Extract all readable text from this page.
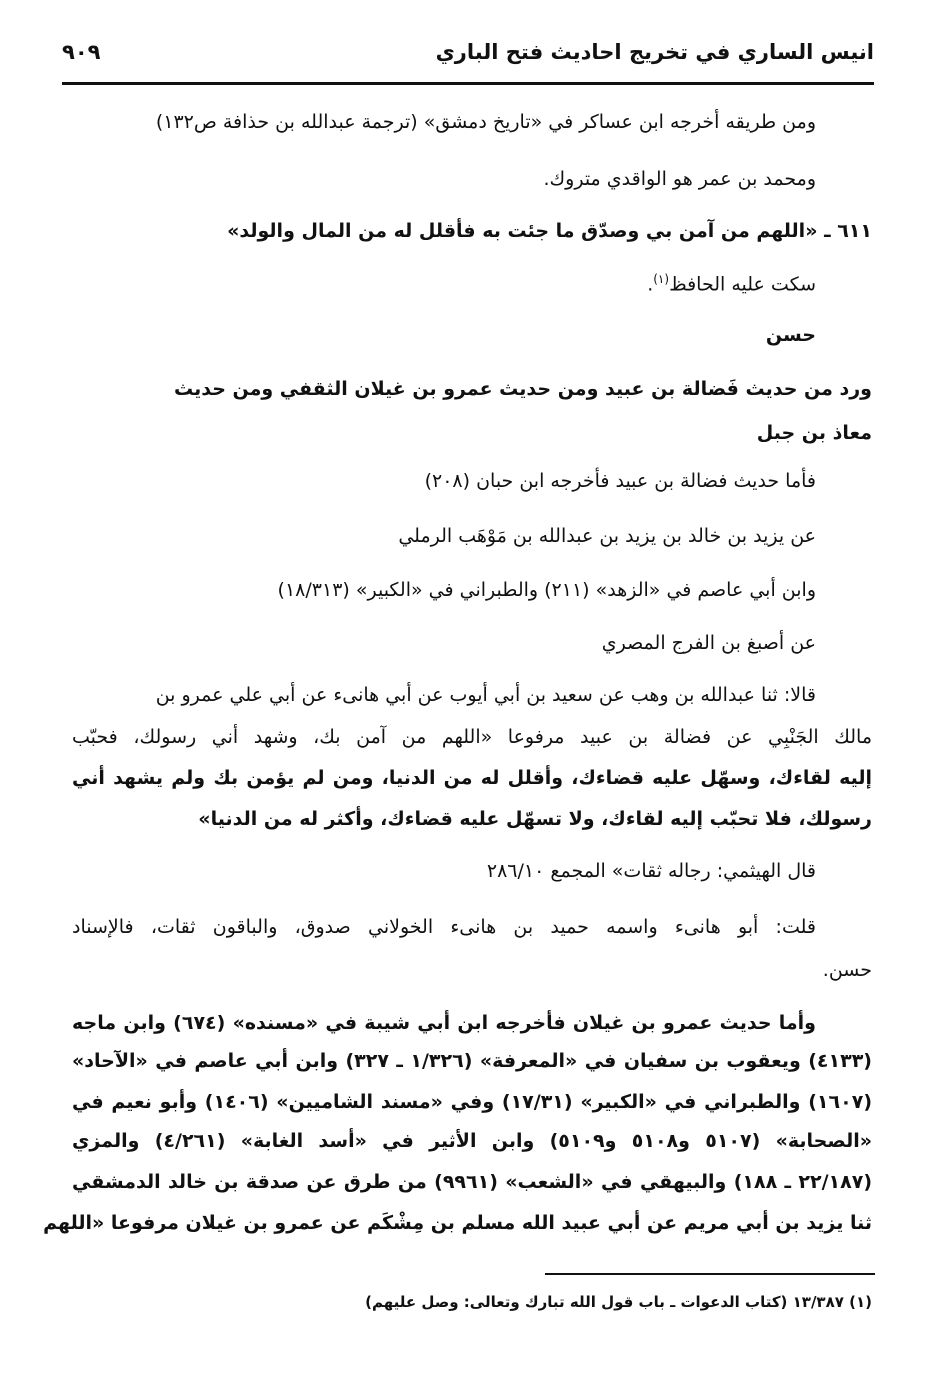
انيس الساري في تخريج احاديث فتح الباري
٩٠٩
ومن طريقه أخرجه ابن عساكر في «تاريخ دمشق» (ترجمة عبدالله بن حذافة ص١٣٢)
ومحمد بن عمر هو الواقدي متروك.
٦١١ ـ «اللهم من آمن بي وصدّق ما جئت به فأقلل له من المال والولد»
سكت عليه الحافظ$^{(١)}$.
حسن
ورد من حديث فَضالة بن عبيد ومن حديث عمرو بن غيلان الثقفي ومن حديث
معاذ بن جبل
فأما حديث فضالة بن عبيد فأخرجه ابن حبان (٢٠٨)
عن يزيد بن خالد بن يزيد بن عبدالله بن مَوْهَب الرملي
وابن أبي عاصم في «الزهد» (٢١١) والطبراني في «الكبير» (١٨/٣١٣)
عن أصبغ بن الفرج المصري
قالا: ثنا عبدالله بن وهب عن سعيد بن أبي أيوب عن أبي هانىء عن أبي علي عمرو بن
مالك الجَنْبِي عن فضالة بن عبيد مرفوعا «اللهم من آمن بك، وشهد أني رسولك، فحبّب
إليه لقاءك، وسهّل عليه قضاءك، وأقلل له من الدنيا، ومن لم يؤمن بك ولم يشهد أني
رسولك، فلا تحبّب إليه لقاءك، ولا تسهّل عليه قضاءك، وأكثر له من الدنيا»
قال الهيثمي: رجاله ثقات» المجمع ٢٨٦/١٠
قلت: أبو هانىء واسمه حميد بن هانىء الخولاني صدوق، والباقون ثقات، فالإسناد
حسن.
وأما حديث عمرو بن غيلان فأخرجه ابن أبي شيبة في «مسنده» (٦٧٤) وابن ماجه
(٤١٣٣) ويعقوب بن سفيان في «المعرفة» (١/٣٢٦ ـ ٣٢٧) وابن أبي عاصم في «الآحاد»
(١٦٠٧) والطبراني في «الكبير» (١٧/٣١) وفي «مسند الشاميين» (١٤٠٦) وأبو نعيم في
«الصحابة» (٥١٠٧ و٥١٠٨ و٥١٠٩) وابن الأثير في «أسد الغابة» (٤/٢٦١) والمزي
(٢٢/١٨٧ ـ ١٨٨) والبيهقي في «الشعب» (٩٩٦١) من طرق عن صدقة بن خالد الدمشقي
ثنا يزيد بن أبي مريم عن أبي عبيد الله مسلم بن مِشْكَم عن عمرو بن غيلان مرفوعا «اللهم
(١) ١٣/٣٨٧ (كتاب الدعوات ـ باب قول الله تبارك وتعالى: وصل عليهم)
